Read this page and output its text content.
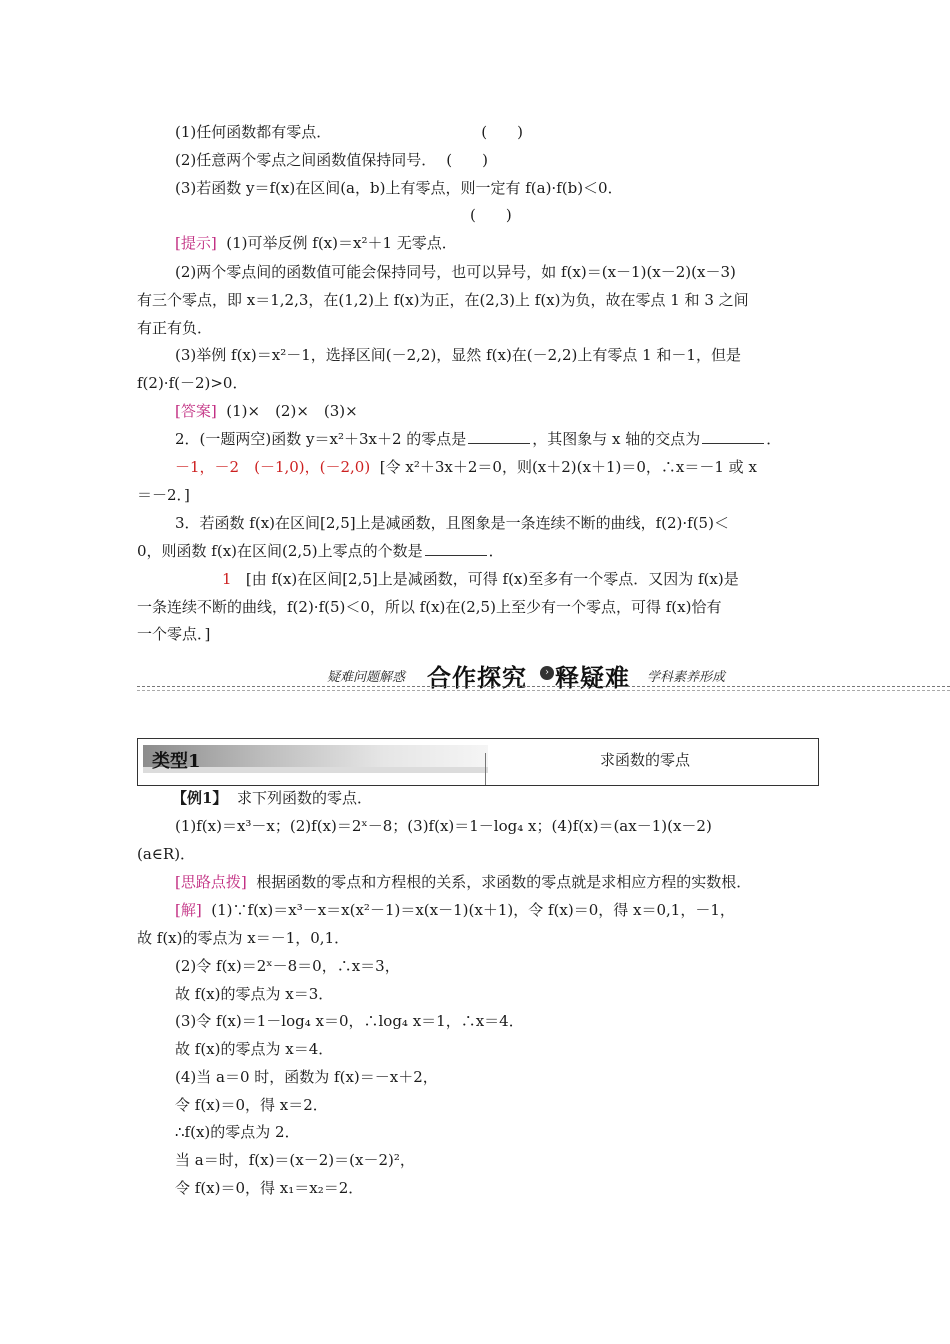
(1)任何函数都有零点．	(　　)
(2)任意两个零点之间函数值保持同号． (　　)
(3)若函数 y＝f(x)在区间(a，b)上有零点，则一定有 f(a)·f(b)＜0．
(　　)
[提示] (1)可举反例 f(x)＝x²＋1 无零点．
(2)两个零点间的函数值可能会保持同号，也可以异号，如 f(x)＝(x－1)(x－2)(x－3)
有三个零点，即 x＝1,2,3，在(1,2)上 f(x)为正，在(2,3)上 f(x)为负，故在零点 1 和 3 之间
有正有负．
(3)举例 f(x)＝x²－1，选择区间(－2,2)，显然 f(x)在(－2,2)上有零点 1 和－1，但是
f(2)·f(－2)>0．
[答案] (1)×　(2)×　(3)×
2．(一题两空)函数 y＝x²＋3x＋2 的零点是	，其图象与 x 轴的交点为	．
－1，－2　(－1,0)，(－2,0) [令 x²＋3x＋2＝0，则(x＋2)(x＋1)＝0，∴x＝－1 或 x
＝－2．]
3．若函数 f(x)在区间[2,5]上是减函数，且图象是一条连续不断的曲线，f(2)·f(5)＜
0，则函数 f(x)在区间(2,5)上零点的个数是	．
1 [由 f(x)在区间[2,5]上是减函数，可得 f(x)至多有一个零点．又因为 f(x)是
一条连续不断的曲线，f(2)·f(5)＜0，所以 f(x)在(2,5)上至少有一个零点，可得 f(x)恰有
一个零点．]
疑难问题解惑 合作探究	› 释疑难 学科素养形成
类型1	求函数的零点
【例1】 求下列函数的零点．
(1)f(x)＝x³－x；(2)f(x)＝2ˣ－8；(3)f(x)＝1－log₄ x；(4)f(x)＝(ax－1)(x－2)
(a∈R)．
[思路点拨] 根据函数的零点和方程根的关系，求函数的零点就是求相应方程的实数根．
[解] (1)∵f(x)＝x³－x＝x(x²－1)＝x(x－1)(x＋1)，令 f(x)＝0，得 x＝0,1，－1，
故 f(x)的零点为 x＝－1，0,1．
(2)令 f(x)＝2ˣ－8＝0，∴x＝3，
故 f(x)的零点为 x＝3．
(3)令 f(x)＝1－log₄ x＝0，∴log₄ x＝1，∴x＝4．
故 f(x)的零点为 x＝4．
(4)当 a＝0 时，函数为 f(x)＝－x＋2，
令 f(x)＝0，得 x＝2．
∴f(x)的零点为 2．
当 a＝时，f(x)＝(x－2)＝(x－2)²，
令 f(x)＝0，得 x₁＝x₂＝2．
